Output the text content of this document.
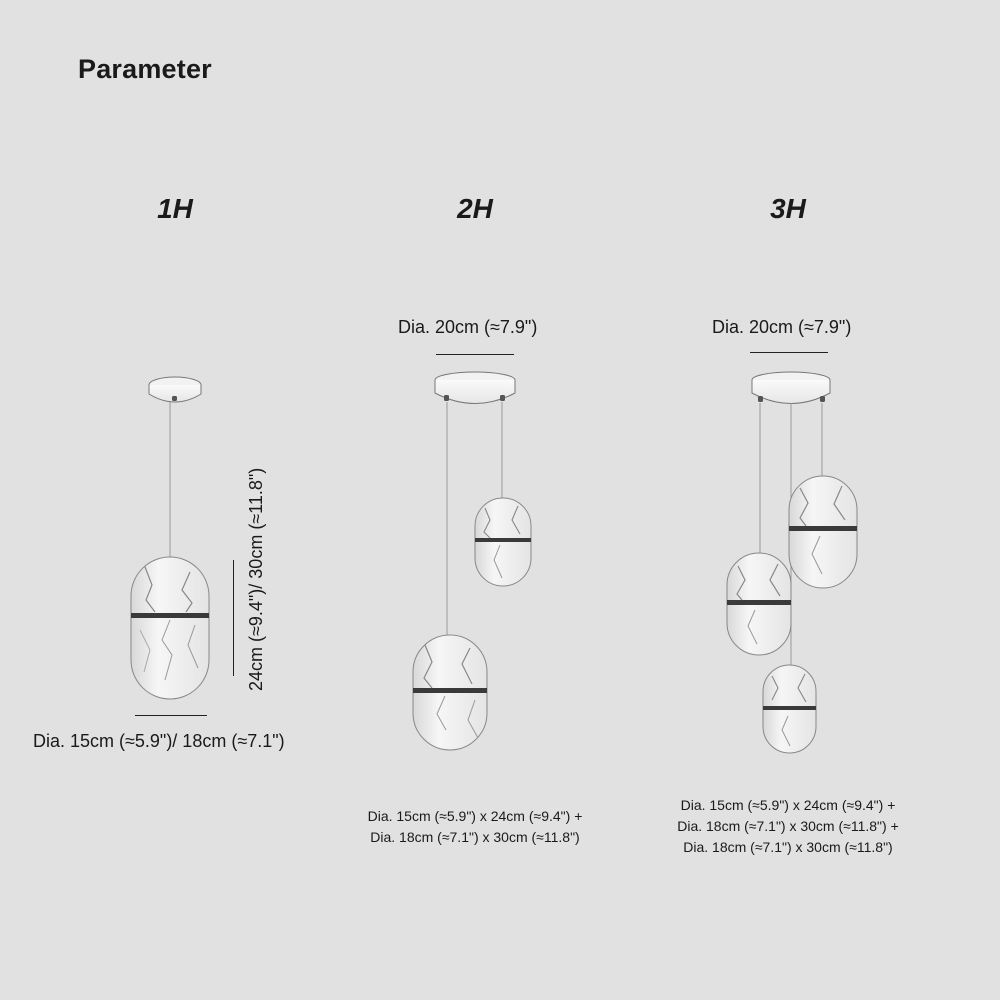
Parameter
1H	2H	3H
24cm (≈9.4")/ 30cm (≈11.8")
Dia. 15cm (≈5.9")/ 18cm (≈7.1")
Dia. 20cm (≈7.9")
Dia. 15cm (≈5.9") x 24cm (≈9.4") +
Dia. 18cm (≈7.1") x 30cm (≈11.8")
Dia. 20cm (≈7.9")
Dia. 15cm (≈5.9") x 24cm (≈9.4") +
Dia. 18cm (≈7.1") x 30cm (≈11.8") +
Dia. 18cm (≈7.1") x 30cm (≈11.8")
